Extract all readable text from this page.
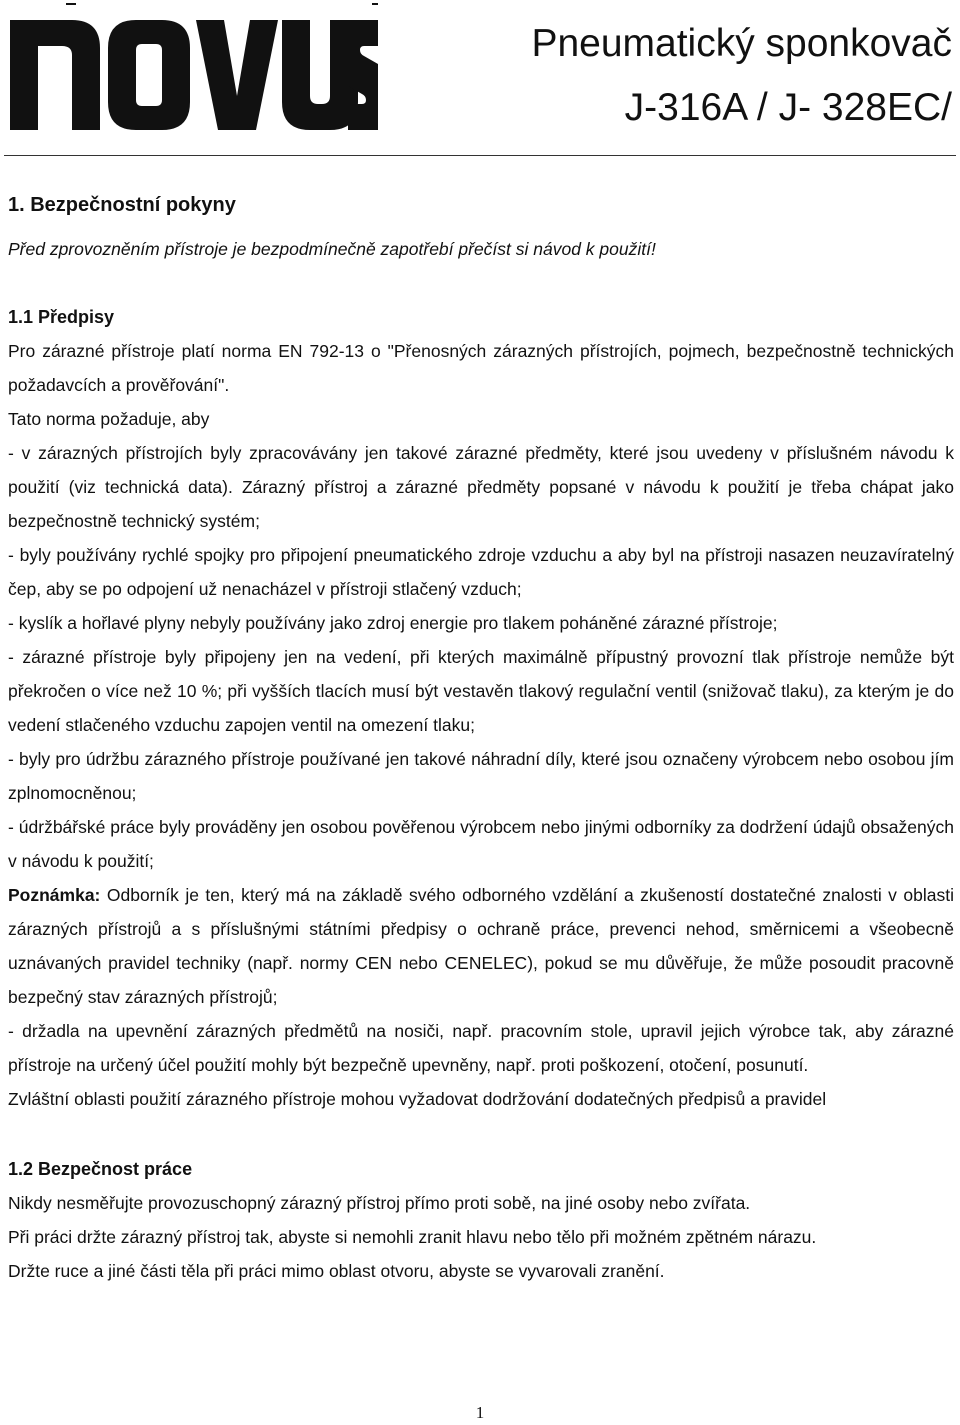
Pneumatický sponkovač
J-316A / J- 328EC/

1. Bezpečnostní pokyny

Před zprovozněním přístroje je bezpodmínečně zapotřebí přečíst si návod k použití!

1.1 Předpisy

Pro zárazné přístroje platí norma EN 792-13 o "Přenosných zárazných přístrojích, pojmech, bezpečnostně technických požadavcích a prověřování".

Tato norma požaduje, aby

- v zárazných přístrojích byly zpracovávány jen takové zárazné předměty, které jsou uvedeny v příslušném návodu k použití (viz technická data). Zárazný přístroj a zárazné předměty popsané v návodu k použití je třeba chápat jako bezpečnostně technický systém;

- byly používány rychlé spojky pro připojení pneumatického zdroje vzduchu a aby byl na přístroji nasazen neuzavíratelný čep, aby se po odpojení už nenacházel v přístroji stlačený vzduch;

- kyslík a hořlavé plyny nebyly používány jako zdroj energie pro tlakem poháněné zárazné přístroje;

- zárazné přístroje byly připojeny jen na vedení, při kterých maximálně přípustný provozní tlak přístroje nemůže být překročen o více než 10 %; při vyšších tlacích musí být vestavěn tlakový regulační ventil (snižovač tlaku), za kterým je do vedení stlačeného vzduchu zapojen ventil na omezení tlaku;

- byly pro údržbu zárazného přístroje používané jen takové náhradní díly, které jsou označeny výrobcem nebo osobou jím zplnomocněnou;

- údržbářské práce byly prováděny jen osobou pověřenou výrobcem nebo jinými odborníky za dodržení údajů obsažených v návodu k použití;

Poznámka: Odborník je ten, který má na základě svého odborného vzdělání a zkušeností dostatečné znalosti v oblasti zárazných přístrojů a s příslušnými státními předpisy o ochraně práce, prevenci nehod, směrnicemi a všeobecně uznávaných pravidel techniky (např. normy CEN nebo CENELEC), pokud se mu důvěřuje, že může posoudit pracovně bezpečný stav zárazných přístrojů;

- držadla na upevnění zárazných předmětů na nosiči, např. pracovním stole, upravil jejich výrobce tak, aby zárazné přístroje na určený účel použití mohly být bezpečně upevněny, např. proti poškození, otočení, posunutí.

Zvláštní oblasti použití zárazného přístroje mohou vyžadovat dodržování dodatečných předpisů a pravidel

1.2 Bezpečnost práce

Nikdy nesměřujte provozuschopný zárazný přístroj přímo proti sobě, na jiné osoby nebo zvířata.

Při práci držte zárazný přístroj tak, abyste si nemohli zranit hlavu nebo tělo při možném zpětném nárazu.

Držte ruce a jiné části těla při práci mimo oblast otvoru, abyste se vyvarovali zranění.

1
